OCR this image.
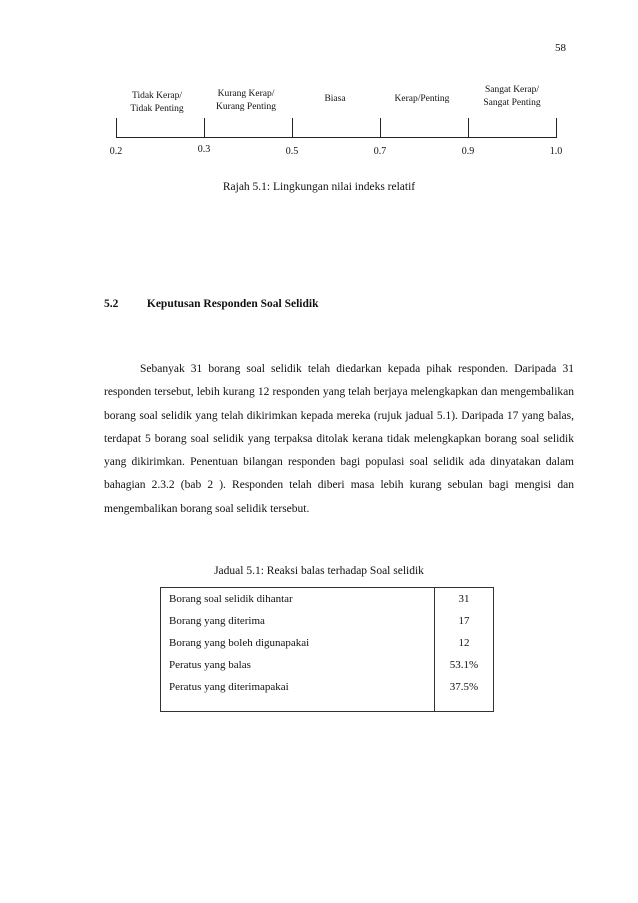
58
Tidak Kerap/
Tidak Penting
Kurang Kerap/
Kurang Penting
Biasa	Kerap/Penting
Sangat Kerap/
Sangat Penting
0.2	0.3	0.5	0.7	0.9	1.0
Rajah 5.1: Lingkungan nilai indeks relatif
5.2 Keputusan Responden Soal Selidik

Sebanyak 31 borang soal selidik telah diedarkan kepada pihak responden. Daripada 31 responden tersebut, lebih kurang 12 responden yang telah berjaya melengkapkan dan mengembalikan borang soal selidik yang telah dikirimkan kepada mereka (rujuk jadual 5.1). Daripada 17 yang balas, terdapat 5 borang soal selidik yang terpaksa ditolak kerana tidak melengkapkan borang soal selidik yang dikirimkan. Penentuan bilangan responden bagi populasi soal selidik ada dinyatakan dalam bahagian 2.3.2 (bab 2 ). Responden telah diberi masa lebih kurang sebulan bagi mengisi dan mengembalikan borang soal selidik tersebut.

Jadual 5.1: Reaksi balas terhadap Soal selidik
Borang soal selidik dihantar	31
Borang yang diterima	17
Borang yang boleh digunapakai	12
Peratus yang balas	53.1%
Peratus yang diterimapakai	37.5%
